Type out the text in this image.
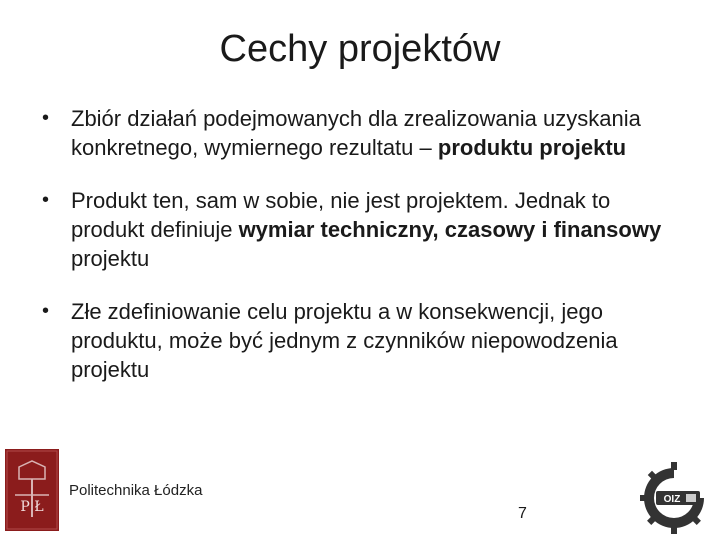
Cechy projektów
• Zbiór działań podejmowanych dla zrealizowania uzyskania konkretnego, wymiernego rezultatu – produktu projektu
• Produkt ten, sam w sobie, nie jest projektem. Jednak to produkt definiuje wymiar techniczny, czasowy i finansowy projektu
• Złe zdefiniowanie celu projektu a w konsekwencji, jego produktu, może być jednym z czynników niepowodzenia projektu
P Ł
Politechnika Łódzka
7
OIZ
